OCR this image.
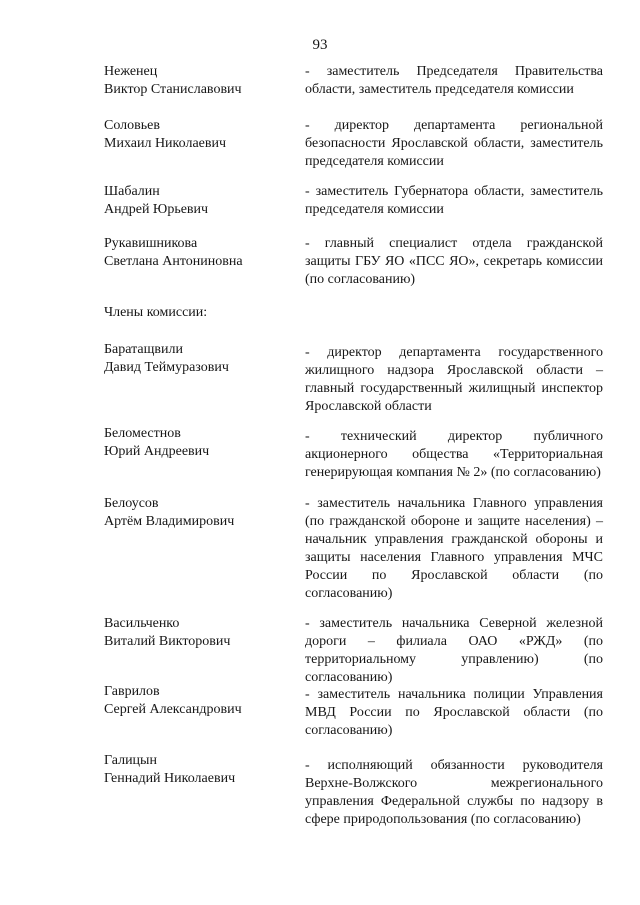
93
Неженец
Виктор Станиславович
- заместитель Председателя Правительства области, заместитель председателя комиссии
Соловьев
Михаил Николаевич
- директор департамента региональной безопасности Ярославской области, заместитель председателя комиссии
Шабалин
Андрей Юрьевич
- заместитель Губернатора области, заместитель председателя комиссии
Рукавишникова
Светлана Антониновна
- главный специалист отдела гражданской защиты ГБУ ЯО «ПСС ЯО», секретарь комиссии (по согласованию)
Члены комиссии:
Баратащвили
Давид Теймуразович
- директор департамента государственного жилищного надзора Ярославской области – главный государственный жилищный инспектор Ярославской области
Беломестнов
Юрий Андреевич
- технический директор публичного акционерного общества «Территориальная генерирующая компания № 2» (по согласованию)
Белоусов
Артём Владимирович
- заместитель начальника Главного управления (по гражданской обороне и защите населения) – начальник управления гражданской обороны и защиты населения Главного управления МЧС России по Ярославской области (по согласованию)
Васильченко
Виталий Викторович
- заместитель начальника Северной железной дороги – филиала ОАО «РЖД» (по территориальному управлению) (по согласованию)
Гаврилов
Сергей Александрович
- заместитель начальника полиции Управления МВД России по Ярославской области (по согласованию)
Галицын
Геннадий Николаевич
- исполняющий обязанности руководителя Верхне-Волжского межрегионального управления Федеральной службы по надзору в сфере природопользования (по согласованию)
